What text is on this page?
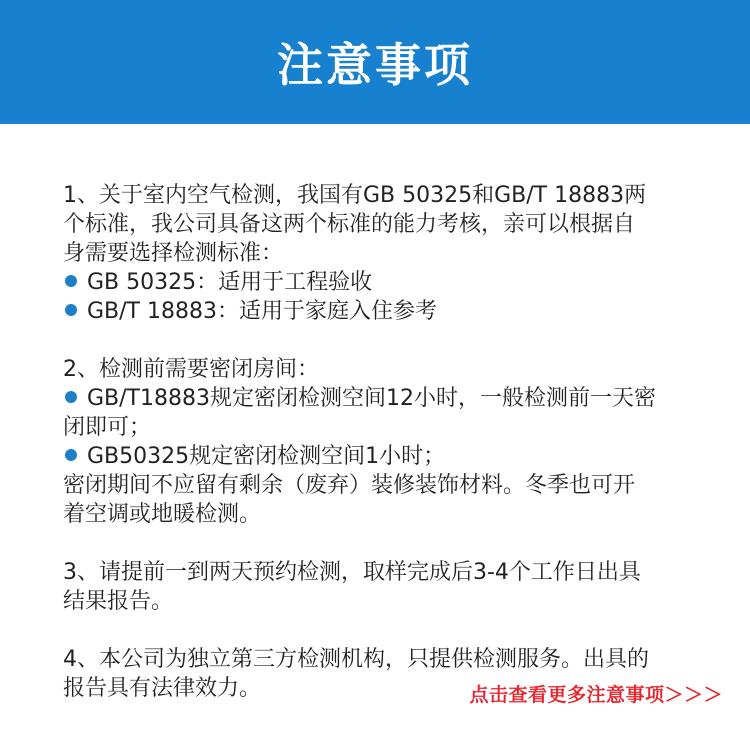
注意事项
1、关于室内空气检测，我国有GB 50325和GB/T 18883两
个标准，我公司具备这两个标准的能力考核，亲可以根据自
身需要选择检测标准：
GB 50325：适用于工程验收
GB/T 18883：适用于家庭入住参考
2、检测前需要密闭房间：
GB/T18883规定密闭检测空间12小时，一般检测前一天密
闭即可；
GB50325规定密闭检测空间1小时；
密闭期间不应留有剩余（废弃）装修装饰材料。冬季也可开
着空调或地暖检测。
3、请提前一到两天预约检测，取样完成后3-4个工作日出具
结果报告。
4、本公司为独立第三方检测机构，只提供检测服务。出具的
报告具有法律效力。	点击查看更多注意事项＞＞＞
